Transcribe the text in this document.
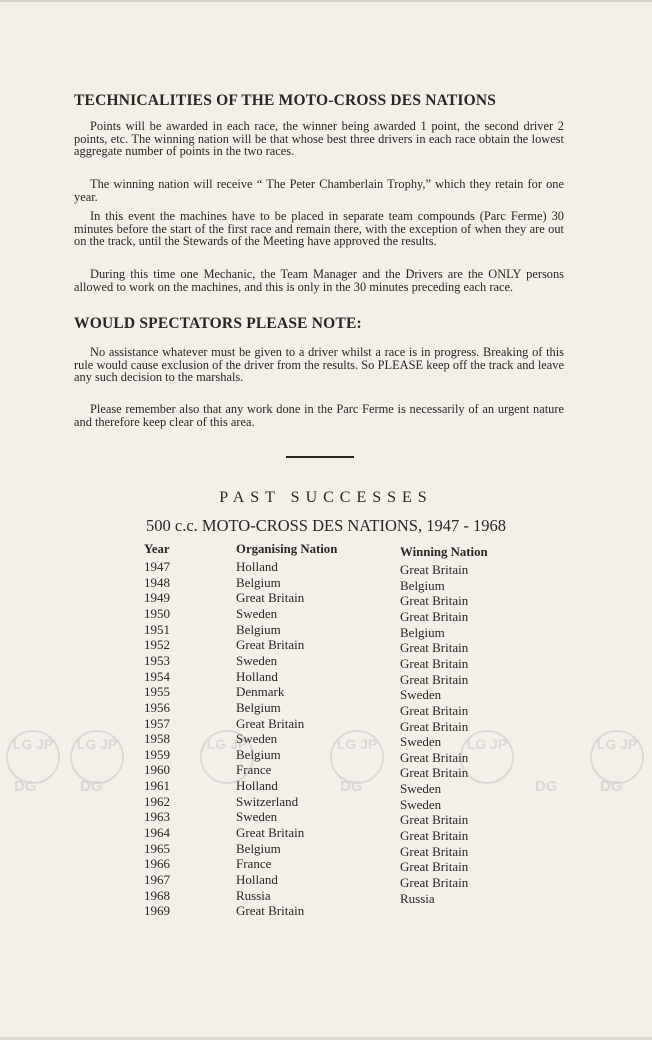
TECHNICALITIES OF THE MOTO-CROSS DES NATIONS

Points will be awarded in each race, the winner being awarded 1 point, the second driver 2 points, etc. The winning nation will be that whose best three drivers in each race obtain the lowest aggregate number of points in the two races.

The winning nation will receive “ The Peter Chamberlain Trophy,” which they retain for one year.

In this event the machines have to be placed in separate team compounds (Parc Ferme) 30 minutes before the start of the first race and remain there, with the exception of when they are out on the track, until the Stewards of the Meeting have approved the results.

During this time one Mechanic, the Team Manager and the Drivers are the ONLY persons allowed to work on the machines, and this is only in the 30 minutes preceding each race.

WOULD SPECTATORS PLEASE NOTE:

No assistance whatever must be given to a driver whilst a race is in progress. Breaking of this rule would cause exclusion of the driver from the results. So PLEASE keep off the track and leave any such decision to the marshals.

Please remember also that any work done in the Parc Ferme is necessarily of an urgent nature and therefore keep clear of this area.

PAST SUCCESSES
500 c.c. MOTO-CROSS DES NATIONS, 1947 - 1968
Year	Organising Nation	Winning Nation
1947	Holland	Great Britain
1948	Belgium	Belgium
1949	Great Britain	Great Britain
1950	Sweden	Great Britain
1951	Belgium	Belgium
1952	Great Britain	Great Britain
1953	Sweden	Great Britain
1954	Holland	Great Britain
1955	Denmark	Sweden
1956	Belgium	Great Britain
1957	Great Britain	Great Britain
1958	Sweden	Sweden
1959	Belgium	Great Britain
1960	France	Great Britain
1961	Holland	Sweden
1962	Switzerland	Sweden
1963	Sweden	Great Britain
1964	Great Britain	Great Britain
1965	Belgium	Great Britain
1966	France	Great Britain
1967	Holland	Great Britain
1968	Russia	Russia
1969	Great Britain
LG JP	LG JP	LG JP	LG JP	LG JP	LG JP
DG	DG	DG	DG	DG
